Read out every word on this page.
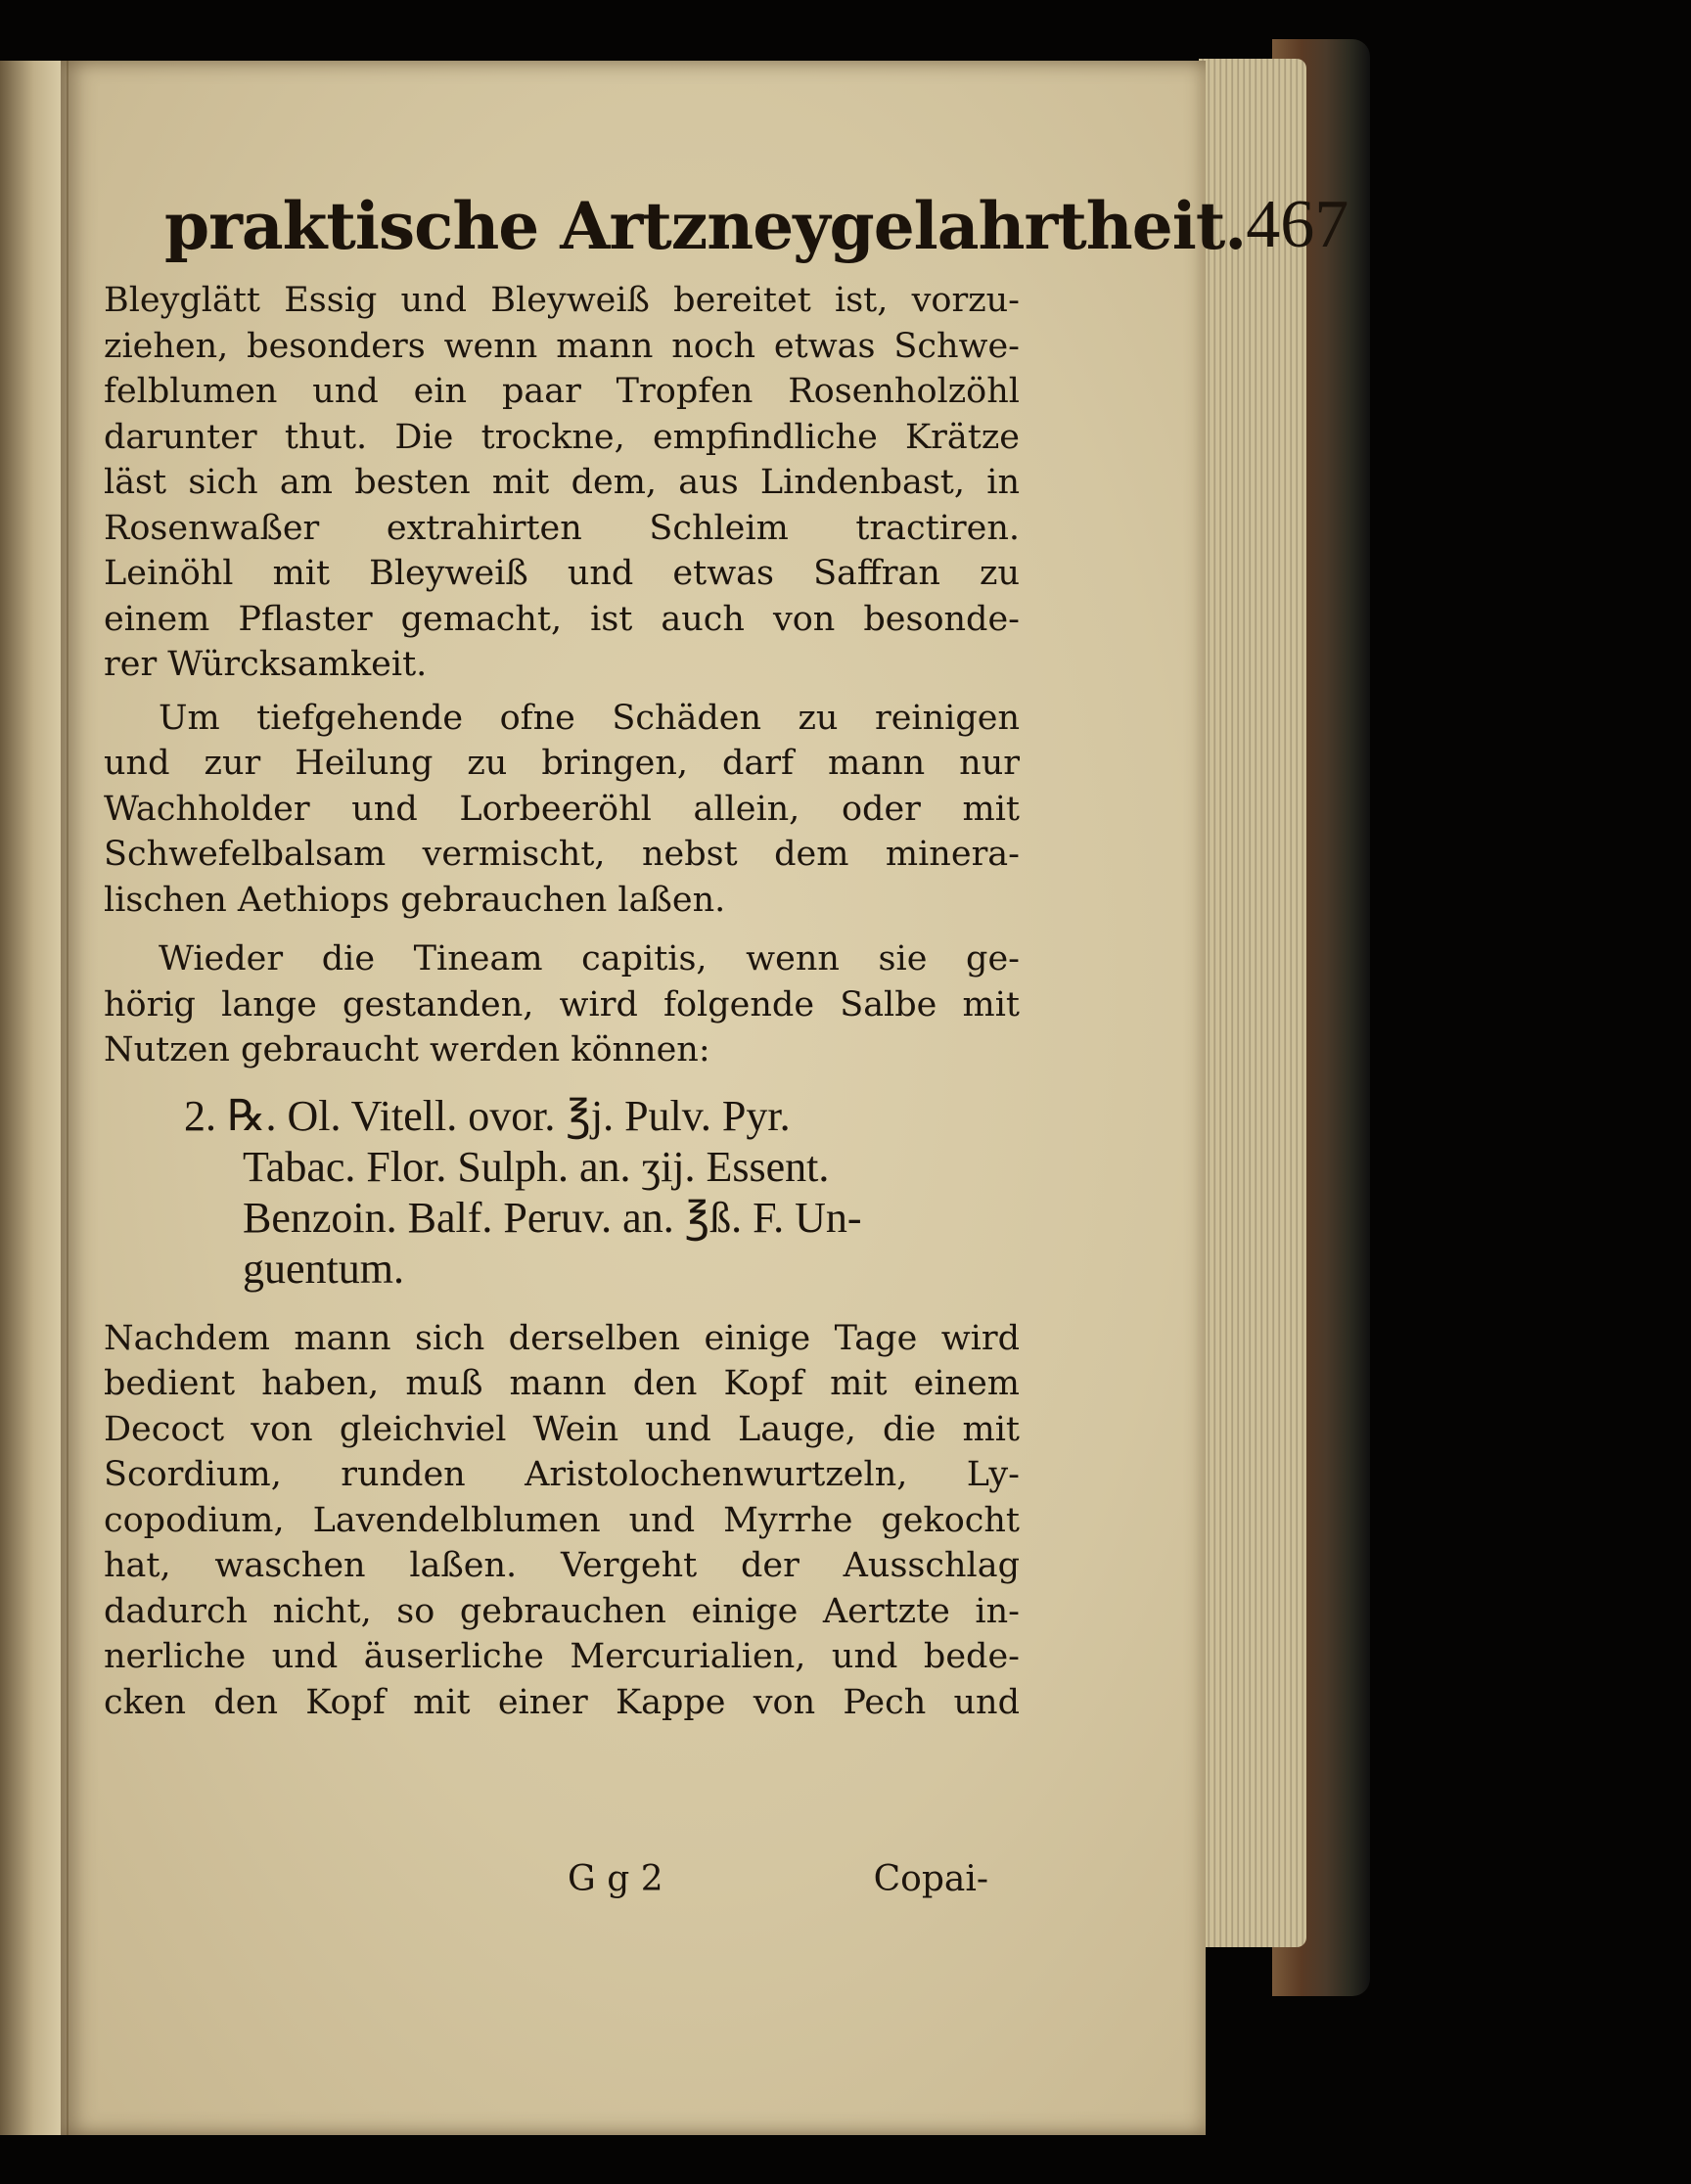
praktische Artzneygelahrtheit. 467
Bleyglätt Essig und Bleyweiß bereitet ist, vorzu-
ziehen, besonders wenn mann noch etwas Schwe-
felblumen und ein paar Tropfen Rosenholzöhl
darunter thut. Die trockne, empfindliche Krätze
läst sich am besten mit dem, aus Lindenbast, in
Rosenwaßer extrahirten Schleim tractiren.
Leinöhl mit Bleyweiß und etwas Saffran zu
einem Pflaster gemacht, ist auch von besonde-
rer Würcksamkeit.
Um tiefgehende ofne Schäden zu reinigen
und zur Heilung zu bringen, darf mann nur
Wachholder und Lorbeeröhl allein, oder mit
Schwefelbalsam vermischt, nebst dem minera-
lischen Aethiops gebrauchen laßen.
Wieder die Tineam capitis, wenn sie ge-
hörig lange gestanden, wird folgende Salbe mit
Nutzen gebraucht werden können:
2. ℞. Ol. Vitell. ovor. ℥j. Pulv. Pyr.
Tabac. Flor. Sulph. an. ʒij. Essent.
Benzoin. Balf. Peruv. an. ℥ß. F. Un-
guentum.
Nachdem mann sich derselben einige Tage wird
bedient haben, muß mann den Kopf mit einem
Decoct von gleichviel Wein und Lauge, die mit
Scordium, runden Aristolochenwurtzeln, Ly-
copodium, Lavendelblumen und Myrrhe gekocht
hat, waschen laßen. Vergeht der Ausschlag
dadurch nicht, so gebrauchen einige Aertzte in-
nerliche und äuserliche Mercurialien, und bede-
cken den Kopf mit einer Kappe von Pech und
G g 2	Copai-
